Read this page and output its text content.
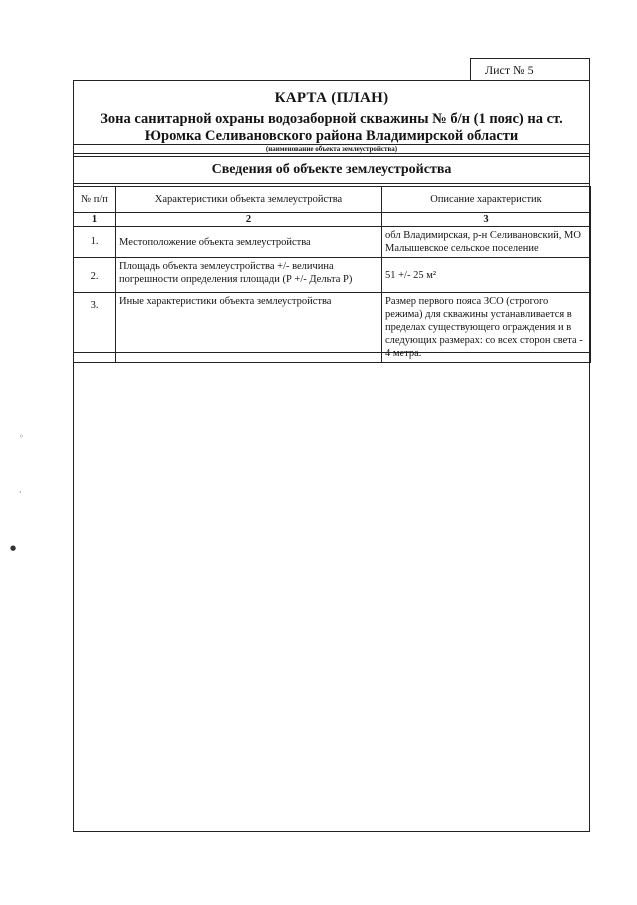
Лист № 5
КАРТА (ПЛАН)
Зона санитарной охраны водозаборной скважины № б/н (1 пояс) на ст.
Юромка Селивановского района Владимирской области
(наименование объекта землеустройства)
Сведения об объекте землеустройства
№ п/п	Характеристики объекта землеустройства	Описание характеристик
1	2	3
1.	Местоположение объекта землеустройства	обл Владимирская, р-н Селивановский, МО Малышевское сельское поселение
2.	Площадь объекта землеустройства +/- величина погрешности определения площади (Р +/- Дельта Р)	51 +/- 25 м²
3.	Иные характеристики объекта землеустройства	Размер первого пояса ЗСО (строгого режима) для скважины устанавливается в пределах существующего ограждения и в следующих размерах: со всех сторон света - 4 метра.
◦
·
●
